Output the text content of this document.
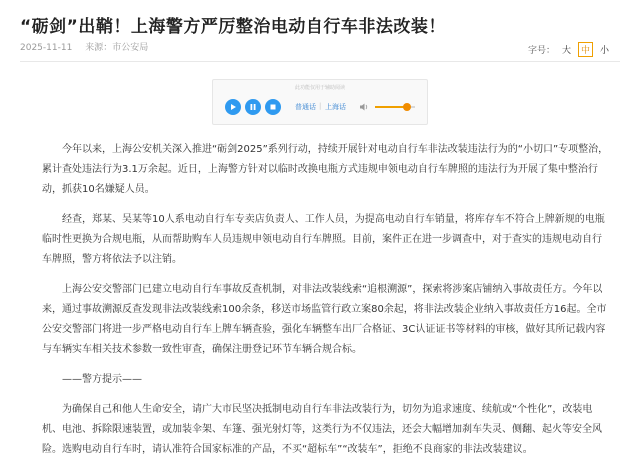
“砺剑”出鞘！上海警方严厉整治电动自行车非法改装！
2025-11-11 来源：市公安局	字号： 大	中	小
此功能仅用于辅助阅读
普通话 | 上海话

今年以来，上海公安机关深入推进“砺剑2025”系列行动，持续开展针对电动自行车非法改装违法行为的“小切口”专项整治，累计查处违法行为3.1万余起。近日，上海警方针对以临时改换电瓶方式违规申领电动自行车牌照的违法行为开展了集中整治行动，抓获10名嫌疑人员。

经查，郑某、吴某等10人系电动自行车专卖店负责人、工作人员，为提高电动自行车销量，将库存车不符合上牌新规的电瓶临时性更换为合规电瓶，从而帮助购车人员违规申领电动自行车牌照。目前，案件正在进一步调查中，对于查实的违规电动自行车牌照，警方将依法予以注销。

上海公安交警部门已建立电动自行车事故反查机制，对非法改装线索“追根溯源”，探索将涉案店铺纳入事故责任方。今年以来，通过事故溯源反查发现非法改装线索100余条，移送市场监管行政立案80余起，将非法改装企业纳入事故责任方16起。全市公安交警部门将进一步严格电动自行车上牌车辆查验，强化车辆整车出厂合格证、3C认证证书等材料的审核，做好其所记载内容与车辆实车相关技术参数一致性审查，确保注册登记环节车辆合规合标。

——警方提示——

为确保自己和他人生命安全，请广大市民坚决抵制电动自行车非法改装行为，切勿为追求速度、续航或“个性化”，改装电机、电池、拆除限速装置，或加装伞架、车篷、强光射灯等，这类行为不仅违法，还会大幅增加刹车失灵、侧翻、起火等安全风险。选购电动自行车时，请认准符合国家标准的产品，不买“超标车”“改装车”，拒绝不良商家的非法改装建议。
